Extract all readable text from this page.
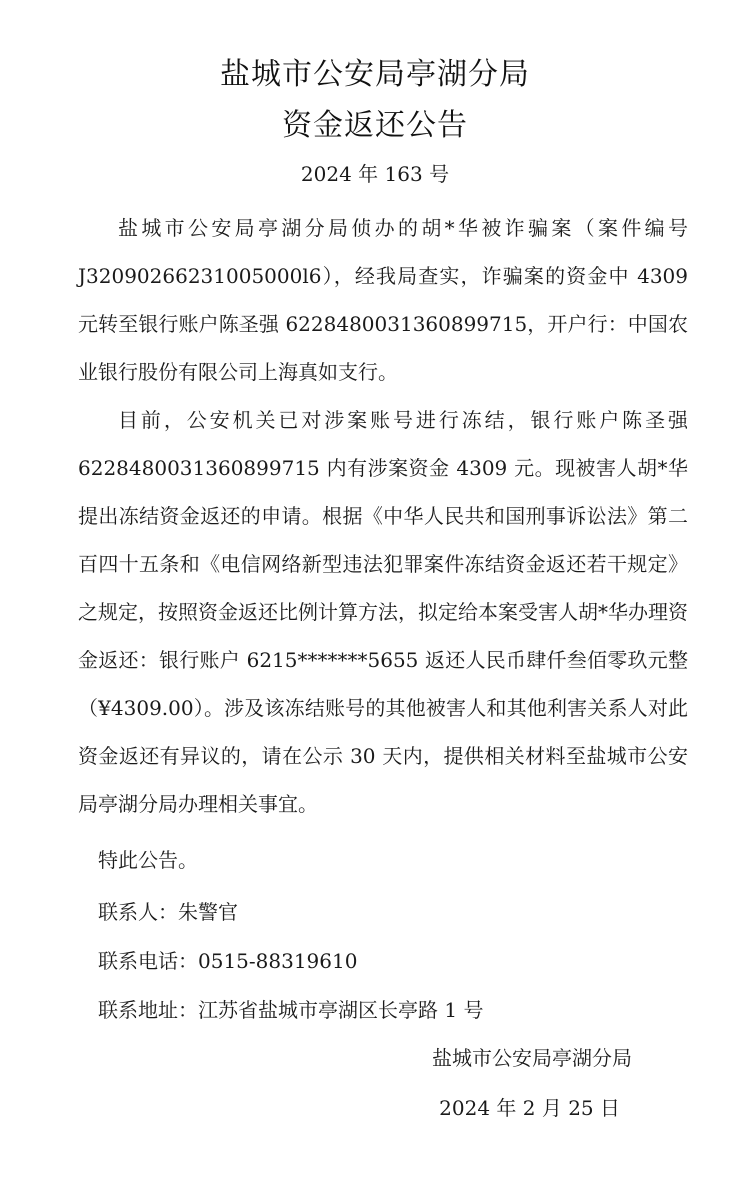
盐城市公安局亭湖分局
资金返还公告
2024 年 163 号
盐城市公安局亭湖分局侦办的胡*华被诈骗案（案件编号J32090266231005000l6），经我局查实，诈骗案的资金中 4309 元转至银行账户陈圣强 6228480031360899715，开户行：中国农业银行股份有限公司上海真如支行。
目前，公安机关已对涉案账号进行冻结，银行账户陈圣强6228480031360899715 内有涉案资金 4309 元。现被害人胡*华提出冻结资金返还的申请。根据《中华人民共和国刑事诉讼法》第二百四十五条和《电信网络新型违法犯罪案件冻结资金返还若干规定》之规定，按照资金返还比例计算方法，拟定给本案受害人胡*华办理资金返还：银行账户 6215*******5655 返还人民币肆仟叁佰零玖元整（¥4309.00）。涉及该冻结账号的其他被害人和其他利害关系人对此资金返还有异议的，请在公示 30 天内，提供相关材料至盐城市公安局亭湖分局办理相关事宜。
特此公告。
联系人：朱警官
联系电话：0515-88319610
联系地址：江苏省盐城市亭湖区长亭路 1 号
盐城市公安局亭湖分局
2024 年 2 月 25 日
